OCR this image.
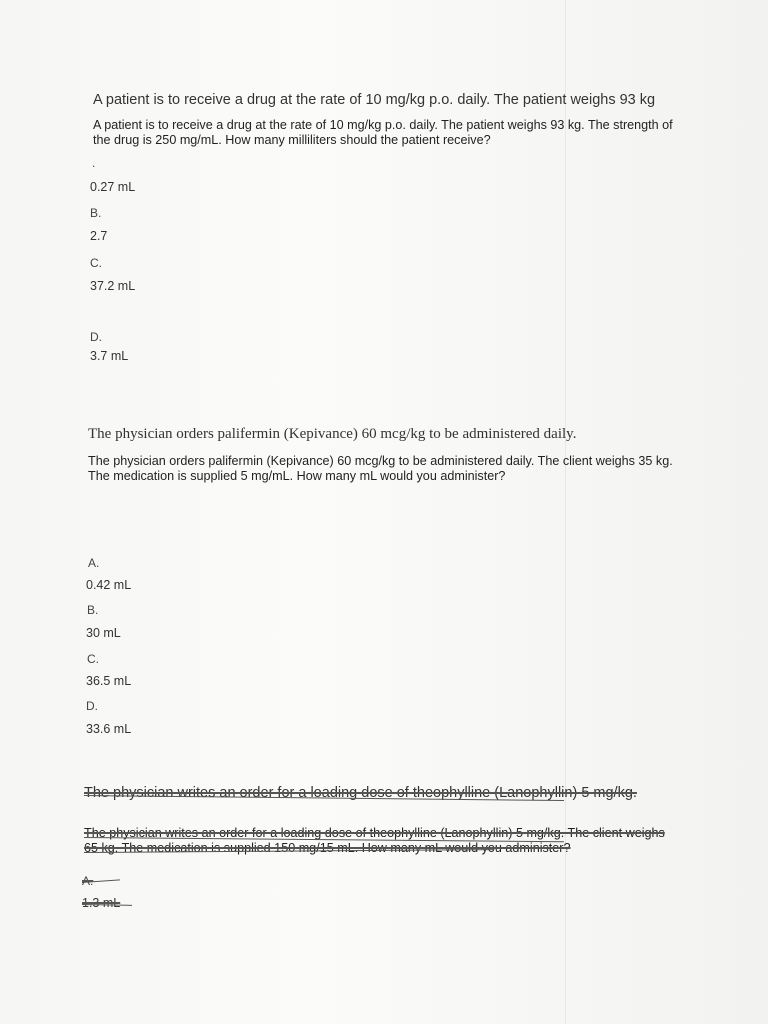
A patient is to receive a drug at the rate of 10 mg/kg p.o. daily. The patient weighs 93 kg
A patient is to receive a drug at the rate of 10 mg/kg p.o. daily. The patient weighs 93 kg. The strength of
the drug is 250 mg/mL. How many milliliters should the patient receive?
.
0.27 mL
B.
2.7
C.
37.2 mL
D.
3.7 mL
The physician orders palifermin (Kepivance) 60 mcg/kg to be administered daily.
The physician orders palifermin (Kepivance) 60 mcg/kg to be administered daily. The client weighs 35 kg.
The medication is supplied 5 mg/mL. How many mL would you administer?
A.
0.42 mL
B.
30 mL
C.
36.5 mL
D.
33.6 mL
The physician writes an order for a loading dose of theophylline (Lanophyllin) 5 mg/kg.
The physician writes an order for a loading dose of theophylline (Lanophyllin) 5 mg/kg. The client weighs
65 kg. The medication is supplied 150 mg/15 mL. How many mL would you administer?
A.
1.3 mL
